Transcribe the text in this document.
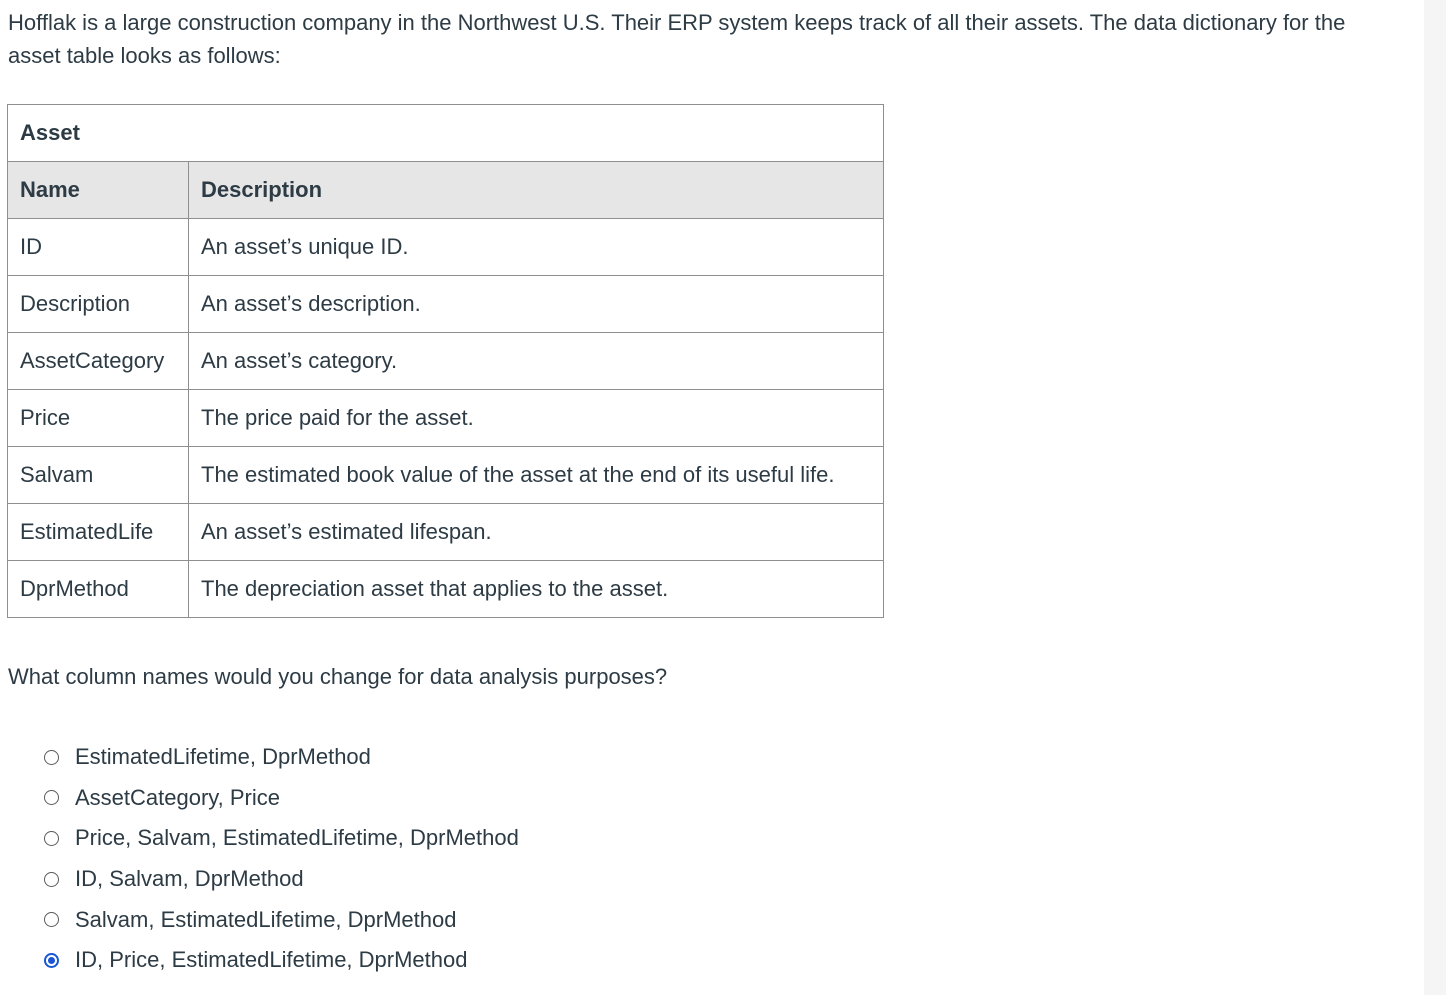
Hofflak is a large construction company in the Northwest U.S. Their ERP system keeps track of all their assets. The data dictionary for the asset table looks as follows:

Asset	
Name	Description
ID	An asset’s unique ID.
Description	An asset’s description.
AssetCategory	An asset’s category.
Price	The price paid for the asset.
Salvam	The estimated book value of the asset at the end of its useful life.
EstimatedLife	An asset’s estimated lifespan.
DprMethod	The depreciation asset that applies to the asset.

What column names would you change for data analysis purposes?

EstimatedLifetime, DprMethod
AssetCategory, Price
Price, Salvam, EstimatedLifetime, DprMethod
ID, Salvam, DprMethod
Salvam, EstimatedLifetime, DprMethod
ID, Price, EstimatedLifetime, DprMethod
